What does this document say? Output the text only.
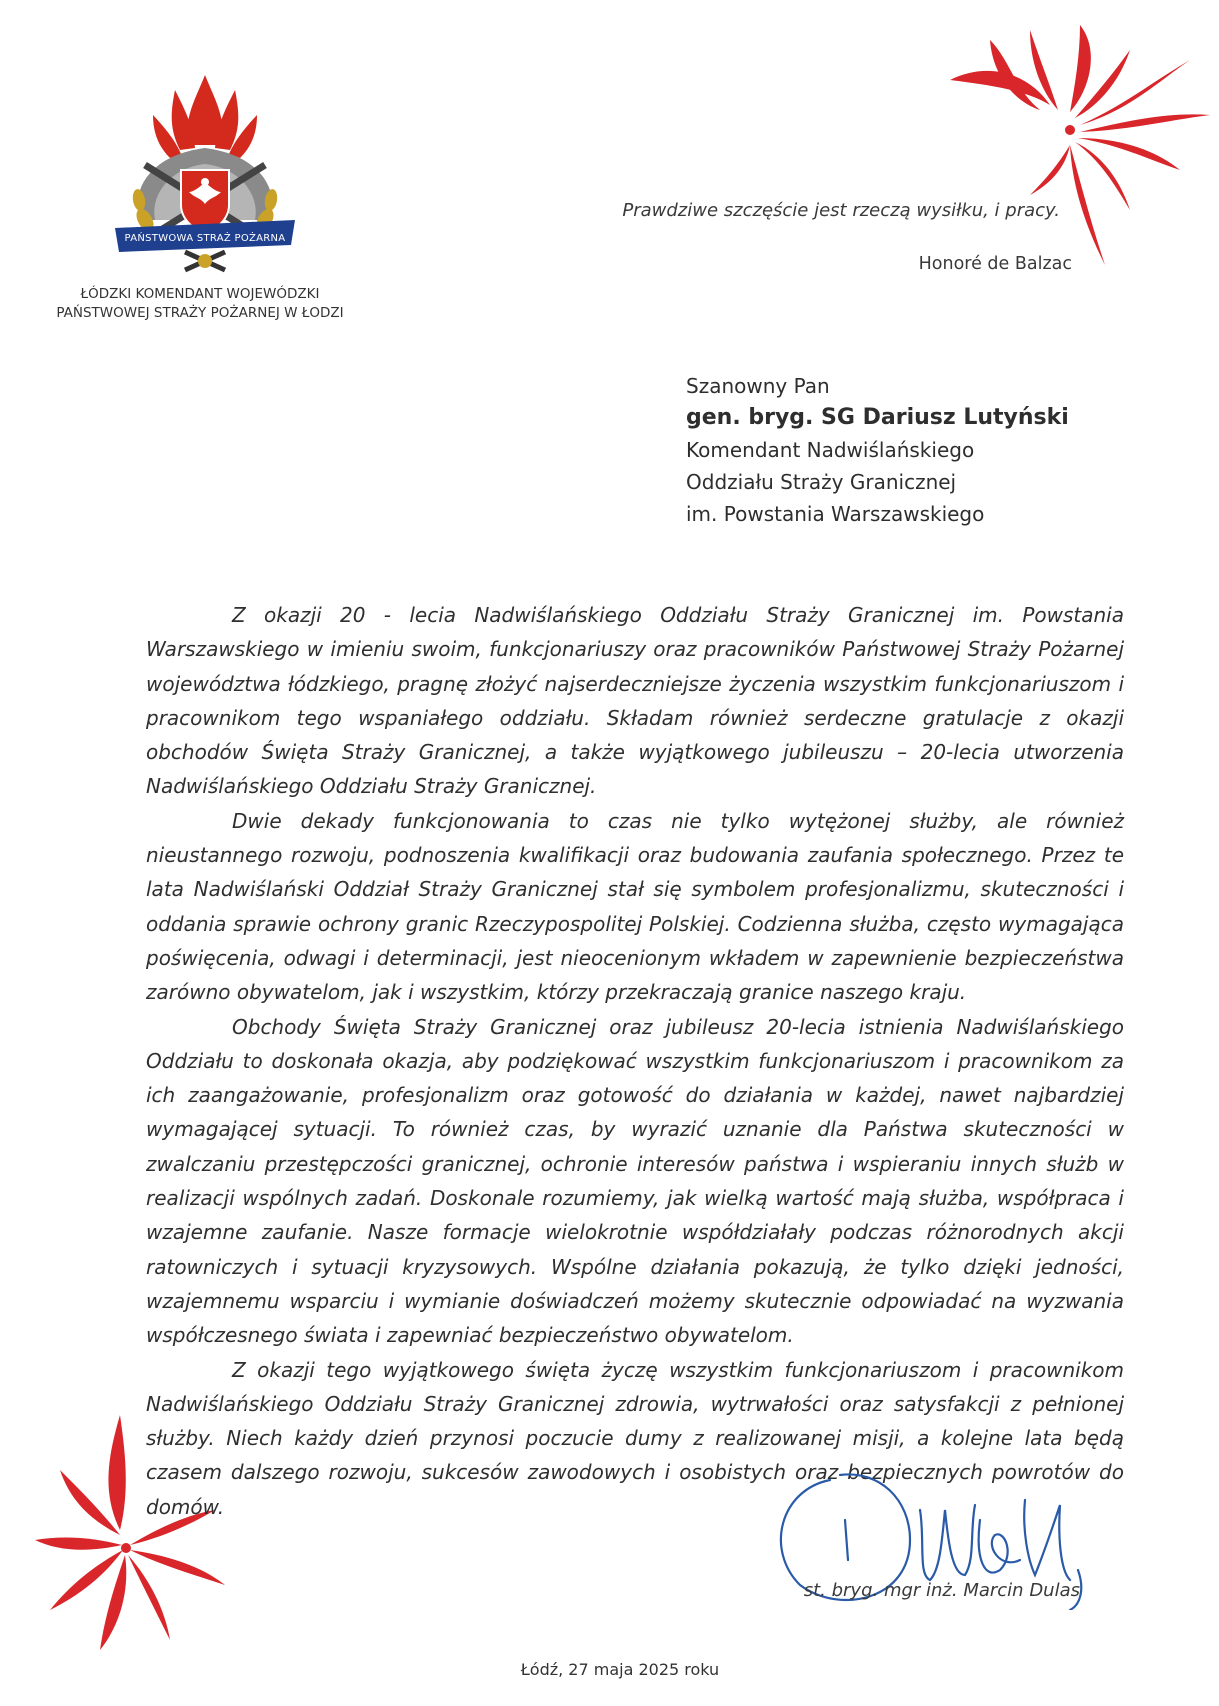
PAŃSTWOWA STRAŻ POŻARNA
ŁÓDZKI KOMENDANT WOJEWÓDZKI
PAŃSTWOWEJ STRAŻY POŻARNEJ W ŁODZI
Prawdziwe szczęście jest rzeczą wysiłku, i pracy.
Honoré de Balzac
Szanowny Pan
gen. bryg. SG Dariusz Lutyński
Komendant Nadwiślańskiego
Oddziału Straży Granicznej
im. Powstania Warszawskiego

Z okazji 20 - lecia Nadwiślańskiego Oddziału Straży Granicznej im. Powstania Warszawskiego w imieniu swoim, funkcjonariuszy oraz pracowników Państwowej Straży Pożarnej województwa łódzkiego, pragnę złożyć najserdeczniejsze życzenia wszystkim funkcjonariuszom i pracownikom tego wspaniałego oddziału. Składam również serdeczne gratulacje z okazji obchodów Święta Straży Granicznej, a także wyjątkowego jubileuszu – 20-lecia utworzenia Nadwiślańskiego Oddziału Straży Granicznej.

Dwie dekady funkcjonowania to czas nie tylko wytężonej służby, ale również nieustannego rozwoju, podnoszenia kwalifikacji oraz budowania zaufania społecznego. Przez te lata Nadwiślański Oddział Straży Granicznej stał się symbolem profesjonalizmu, skuteczności i oddania sprawie ochrony granic Rzeczypospolitej Polskiej. Codzienna służba, często wymagająca poświęcenia, odwagi i determinacji, jest nieocenionym wkładem w zapewnienie bezpieczeństwa zarówno obywatelom, jak i wszystkim, którzy przekraczają granice naszego kraju.

Obchody Święta Straży Granicznej oraz jubileusz 20-lecia istnienia Nadwiślańskiego Oddziału to doskonała okazja, aby podziękować wszystkim funkcjonariuszom i pracownikom za ich zaangażowanie, profesjonalizm oraz gotowość do działania w każdej, nawet najbardziej wymagającej sytuacji. To również czas, by wyrazić uznanie dla Państwa skuteczności w zwalczaniu przestępczości granicznej, ochronie interesów państwa i wspieraniu innych służb w realizacji wspólnych zadań. Doskonale rozumiemy, jak wielką wartość mają służba, współpraca i wzajemne zaufanie. Nasze formacje wielokrotnie współdziałały podczas różnorodnych akcji ratowniczych i sytuacji kryzysowych. Wspólne działania pokazują, że tylko dzięki jedności, wzajemnemu wsparciu i wymianie doświadczeń możemy skutecznie odpowiadać na wyzwania współczesnego świata i zapewniać bezpieczeństwo obywatelom.

Z okazji tego wyjątkowego święta życzę wszystkim funkcjonariuszom i pracownikom Nadwiślańskiego Oddziału Straży Granicznej zdrowia, wytrwałości oraz satysfakcji z pełnionej służby. Niech każdy dzień przynosi poczucie dumy z realizowanej misji, a kolejne lata będą czasem dalszego rozwoju, sukcesów zawodowych i osobistych oraz bezpiecznych powrotów do domów.

st. bryg. mgr inż. Marcin Dulas
Łódź, 27 maja 2025 roku
